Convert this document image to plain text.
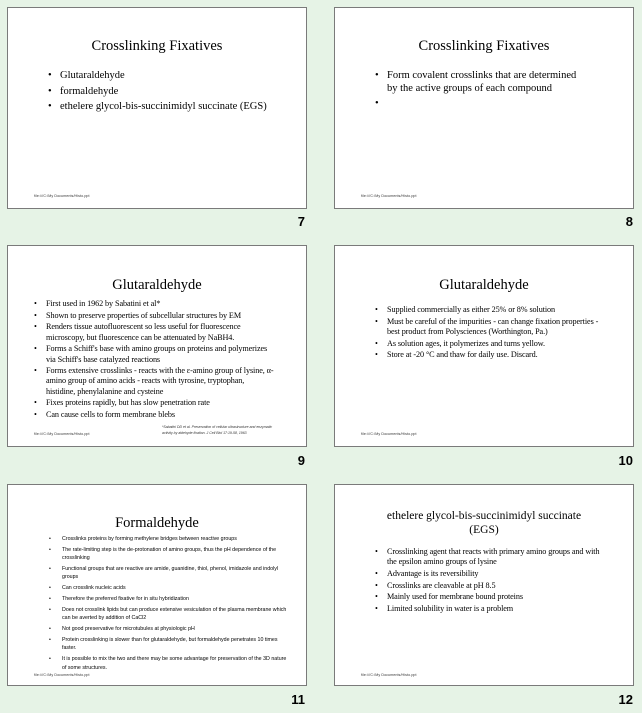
Crosslinking Fixatives
• Glutaraldehyde
• formaldehyde
• ethelere glycol-bis-succinimidyl succinate (EGS)
file:///C:/My Documents/Histo.ppt
7
Crosslinking Fixatives
• Form covalent crosslinks that are determined by the active groups of each compound
•
file:///C:/My Documents/Histo.ppt
8
Glutaraldehyde
• First used in 1962 by Sabatini et al*
• Shown to preserve properties of subcellular structures by EM
• Renders tissue autofluorescent so less useful for fluorescence microscopy, but fluorescence can be attenuated by NaBH4.
• Forms a Schiff's base with amino groups on proteins and polymerizes via Schiff's base catalyzed reactions
• Forms extensive crosslinks - reacts with the ε-amino group of lysine, α-amino group of amino acids - reacts with tyrosine, tryptophan, histidine, phenylalanine and cysteine
• Fixes proteins rapidly, but has slow penetration rate
• Can cause cells to form membrane blebs
*Sabatini DD et al. Preservation of cellular ultrastructure and enzymatic activity by aldehyde fixation. J Cell Biol 17:19-58, 1963
file:///C:/My Documents/Histo.ppt
9
Glutaraldehyde
• Supplied commercially as either 25% or 8% solution
• Must be careful of the impurities - can change fixation properties - best product from Polysciences (Worthington, Pa.)
• As solution ages, it polymerizes and turns yellow.
• Store at -20 °C and thaw for daily use. Discard.
file:///C:/My Documents/Histo.ppt
10
Formaldehyde
• Crosslinks proteins by forming methylene bridges between reactive groups
• The rate-limiting step is the de-protonation of amino groups, thus the pH dependence of the crosslinking
• Functional groups that are reactive are amide, guanidine, thiol, phenol, imidazole and indolyl groups
• Can crosslink nucleic acids
• Therefore the preferred fixative for in situ hybridization
• Does not crosslink lipids but can produce extensive vesiculation of the plasma membrane which can be averted by addition of CaCl2
• Not good preservative for microtubules at physiologic pH
• Protein crosslinking is slower than for glutaraldehyde, but formaldehyde penetrates 10 times faster.
• It is possible to mix the two and there may be some advantage for preservation of the 3D nature of some structures.
file:///C:/My Documents/Histo.ppt
11
ethelere glycol-bis-succinimidyl succinate (EGS)
• Crosslinking agent that reacts with primary amino groups and with the epsilon amino groups of lysine
• Advantage is its reversibility
• Crosslinks are cleavable at pH 8.5
• Mainly used for membrane bound proteins
• Limited solubility in water is a problem
file:///C:/My Documents/Histo.ppt
12
